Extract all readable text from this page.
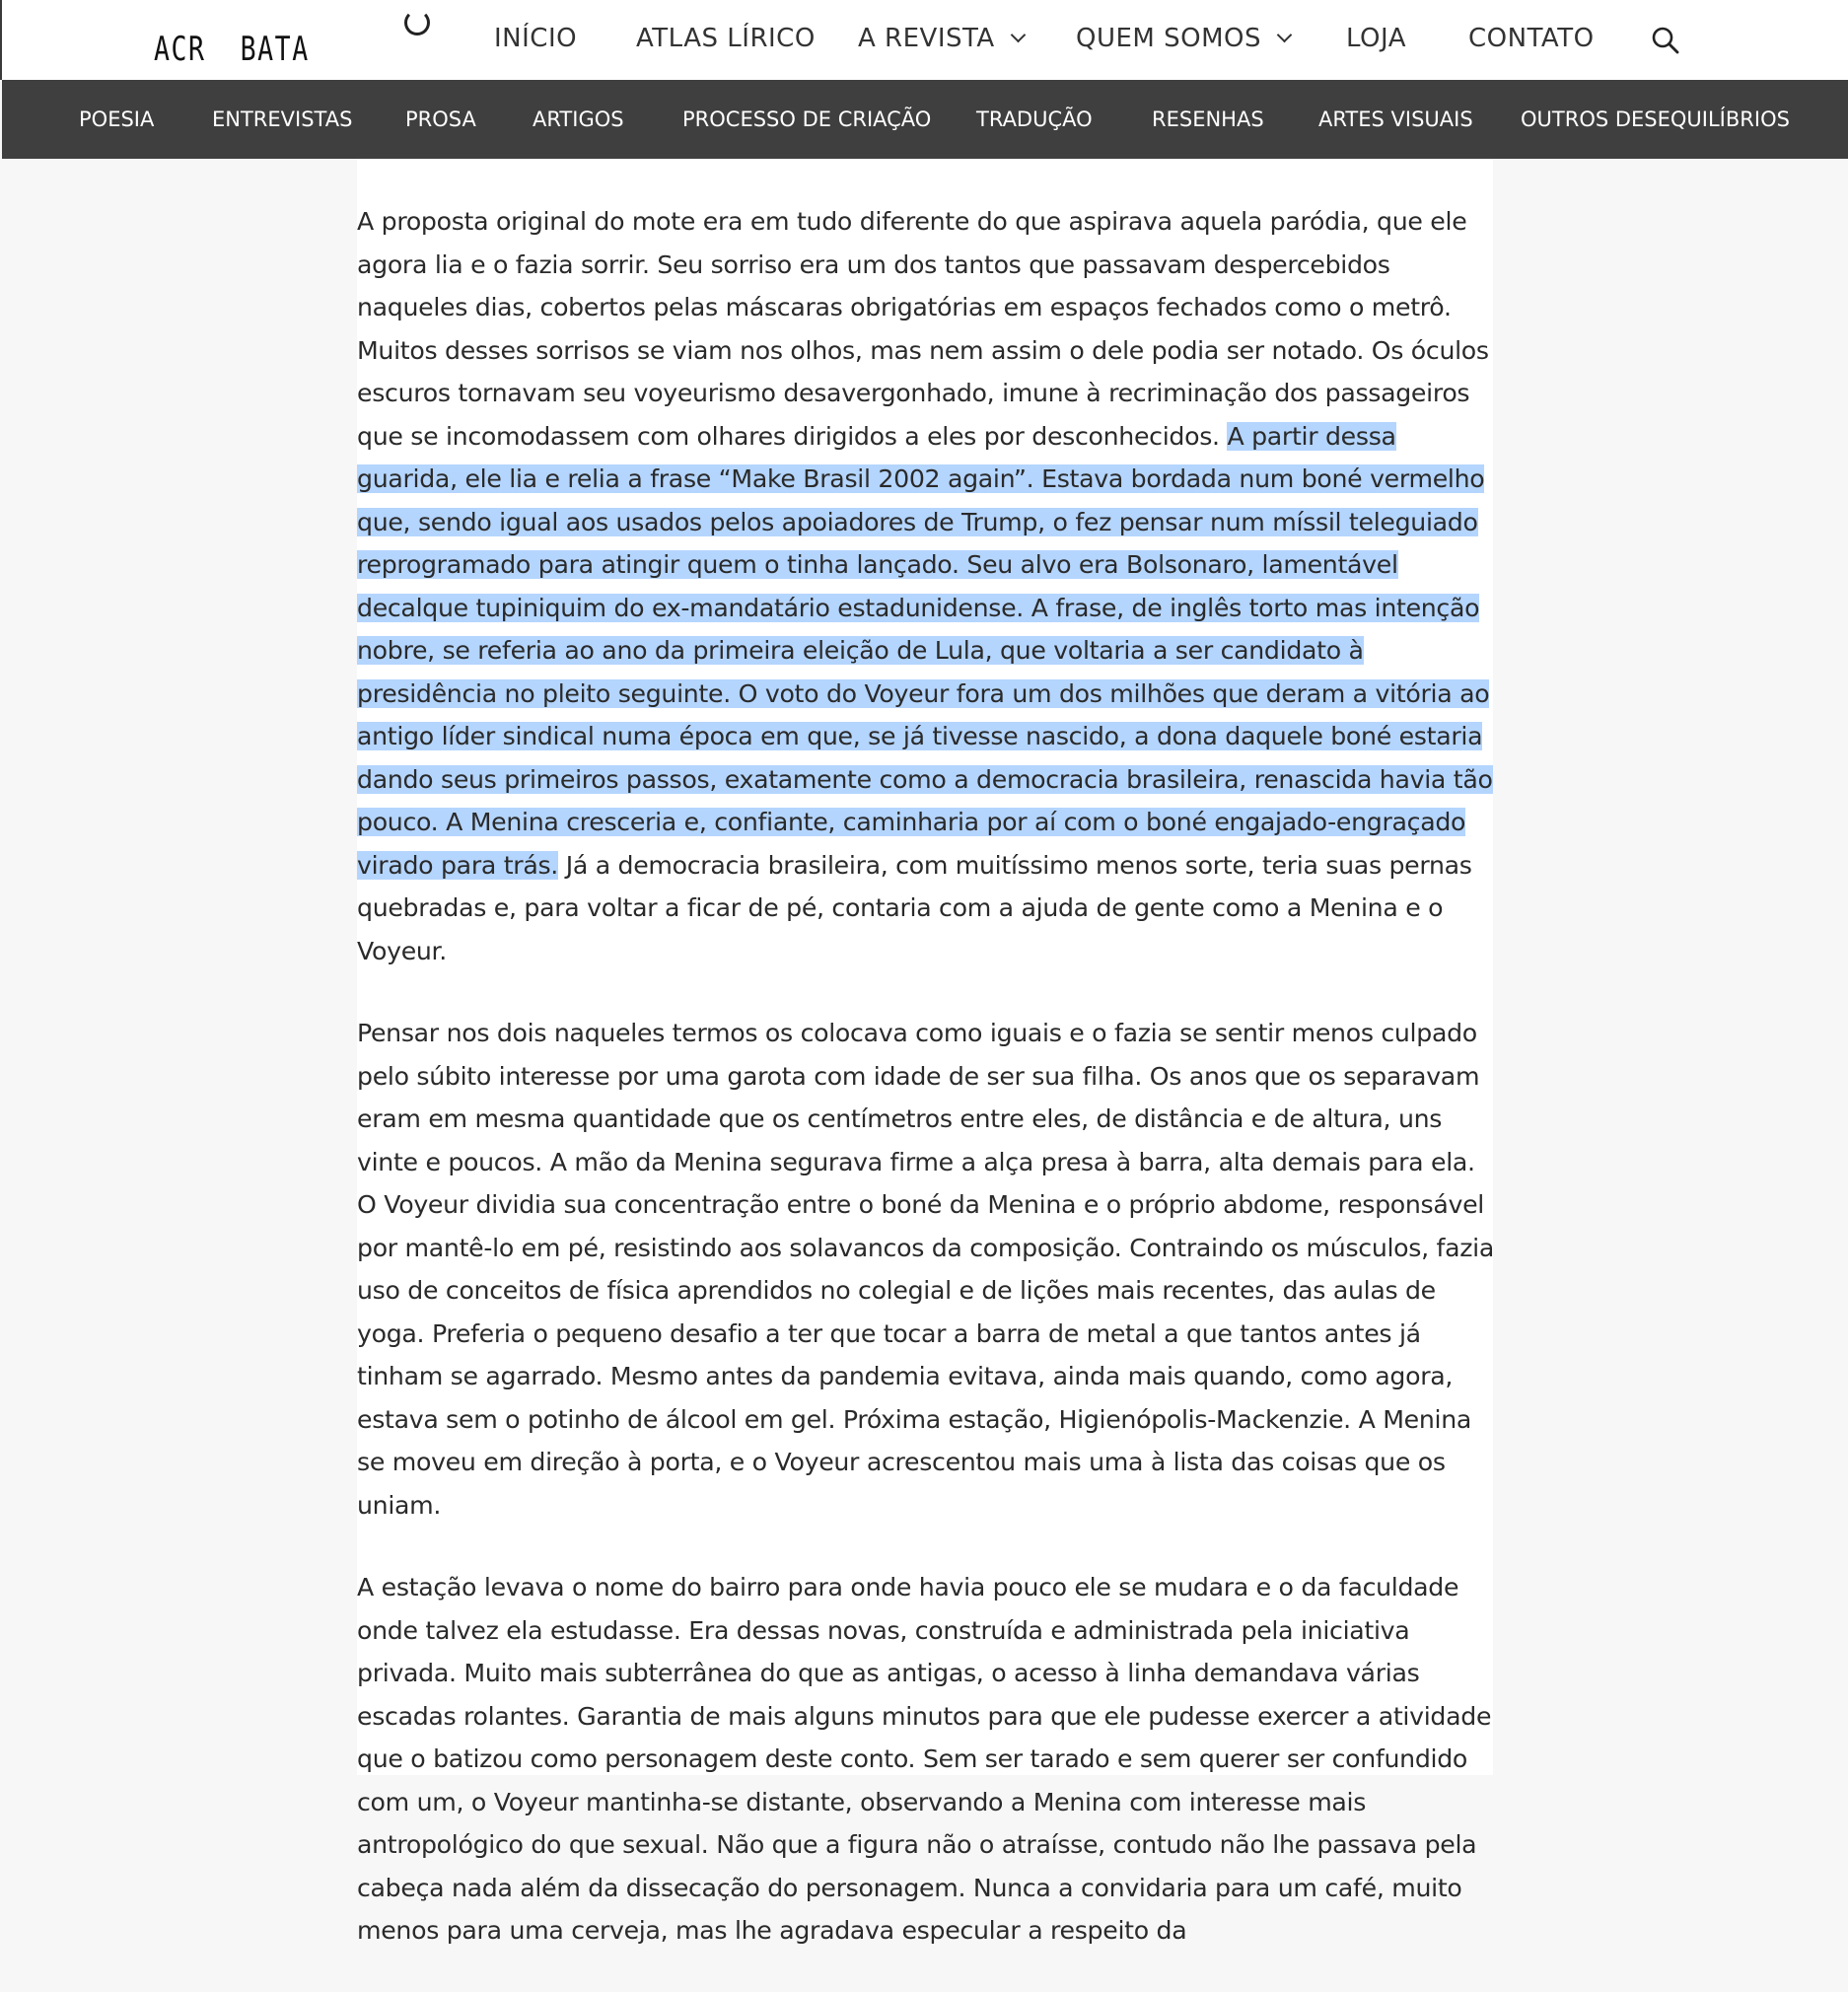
ACR  BATA	INÍCIO ATLAS LÍRICO A REVISTA	QUEM SOMOS	LOJA CONTATO
POESIA	ENTREVISTAS	PROSA	ARTIGOS	PROCESSO DE CRIAÇÃO TRADUÇÃO	RESENHAS	ARTES VISUAIS OUTROS DESEQUILÍBRIOS

A proposta original do mote era em tudo diferente do que aspirava aquela paródia, que ele agora lia e o fazia sorrir. Seu sorriso era um dos tantos que passavam despercebidos naqueles dias, cobertos pelas máscaras obrigatórias em espaços fechados como o metrô. Muitos desses sorrisos se viam nos olhos, mas nem assim o dele podia ser notado. Os óculos escuros tornavam seu voyeurismo desavergonhado, imune à recriminação dos passageiros que se incomodassem com olhares dirigidos a eles por desconhecidos. A partir dessa guarida, ele lia e relia a frase “Make Brasil 2002 again”. Estava bordada num boné vermelho que, sendo igual aos usados pelos apoiadores de Trump, o fez pensar num míssil teleguiado reprogramado para atingir quem o tinha lançado. Seu alvo era Bolsonaro, lamentável decalque tupiniquim do ex-mandatário estadunidense. A frase, de inglês torto mas intenção nobre, se referia ao ano da primeira eleição de Lula, que voltaria a ser candidato à presidência no pleito seguinte. O voto do Voyeur fora um dos milhões que deram a vitória ao antigo líder sindical numa época em que, se já tivesse nascido, a dona daquele boné estaria dando seus primeiros passos, exatamente como a democracia brasileira, renascida havia tão pouco. A Menina cresceria e, confiante, caminharia por aí com o boné engajado-engraçado virado para trás. Já a democracia brasileira, com muitíssimo menos sorte, teria suas pernas quebradas e, para voltar a ficar de pé, contaria com a ajuda de gente como a Menina e o Voyeur.

Pensar nos dois naqueles termos os colocava como iguais e o fazia se sentir menos culpado pelo súbito interesse por uma garota com idade de ser sua filha. Os anos que os separavam eram em mesma quantidade que os centímetros entre eles, de distância e de altura, uns vinte e poucos. A mão da Menina segurava firme a alça presa à barra, alta demais para ela. O Voyeur dividia sua concentração entre o boné da Menina e o próprio abdome, responsável por mantê-lo em pé, resistindo aos solavancos da composição. Contraindo os músculos, fazia uso de conceitos de física aprendidos no colegial e de lições mais recentes, das aulas de yoga. Preferia o pequeno desafio a ter que tocar a barra de metal a que tantos antes já tinham se agarrado. Mesmo antes da pandemia evitava, ainda mais quando, como agora, estava sem o potinho de álcool em gel. Próxima estação, Higienópolis-Mackenzie. A Menina se moveu em direção à porta, e o Voyeur acrescentou mais uma à lista das coisas que os uniam.

A estação levava o nome do bairro para onde havia pouco ele se mudara e o da faculdade onde talvez ela estudasse. Era dessas novas, construída e administrada pela iniciativa privada. Muito mais subterrânea do que as antigas, o acesso à linha demandava várias escadas rolantes. Garantia de mais alguns minutos para que ele pudesse exercer a atividade que o batizou como personagem deste conto. Sem ser tarado e sem querer ser confundido com um, o Voyeur mantinha-se distante, observando a Menina com interesse mais antropológico do que sexual. Não que a figura não o atraísse, contudo não lhe passava pela cabeça nada além da dissecação do personagem. Nunca a convidaria para um café, muito menos para uma cerveja, mas lhe agradava especular a respeito da
